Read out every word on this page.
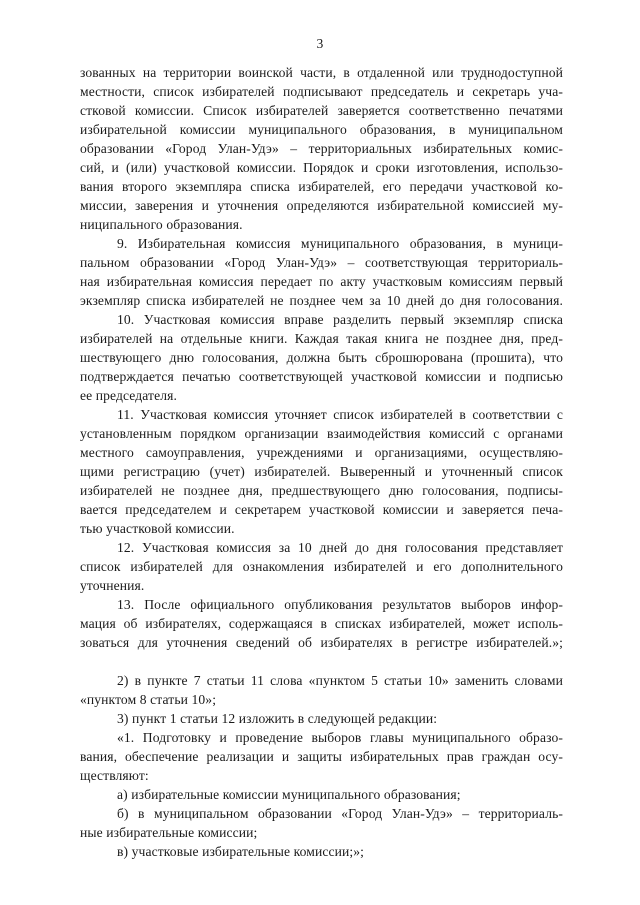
3
зованных на территории воинской части, в отдаленной или труднодоступной
местности, список избирателей подписывают председатель и секретарь уча-
стковой комиссии. Список избирателей заверяется соответственно печатями
избирательной комиссии муниципального образования, в муниципальном
образовании «Город Улан-Удэ» – территориальных избирательных комис-
сий, и (или) участковой комиссии. Порядок и сроки изготовления, использо-
вания второго экземпляра списка избирателей, его передачи участковой ко-
миссии, заверения и уточнения определяются избирательной комиссией му-
ниципального образования.
9. Избирательная комиссия муниципального образования, в муници-
пальном образовании «Город Улан-Удэ» – соответствующая территориаль-
ная избирательная комиссия передает по акту участковым комиссиям первый
экземпляр списка избирателей не позднее чем за 10 дней до дня голосования.
10. Участковая комиссия вправе разделить первый экземпляр списка
избирателей на отдельные книги. Каждая такая книга не позднее дня, пред-
шествующего дню голосования, должна быть сброшюрована (прошита), что
подтверждается печатью соответствующей участковой комиссии и подписью
ее председателя.
11. Участковая комиссия уточняет список избирателей в соответствии с
установленным порядком организации взаимодействия комиссий с органами
местного самоуправления, учреждениями и организациями, осуществляю-
щими регистрацию (учет) избирателей. Выверенный и уточненный список
избирателей не позднее дня, предшествующего дню голосования, подписы-
вается председателем и секретарем участковой комиссии и заверяется печа-
тью участковой комиссии.
12. Участковая комиссия за 10 дней до дня голосования представляет
список избирателей для ознакомления избирателей и его дополнительного
уточнения.
13. После официального опубликования результатов выборов инфор-
мация об избирателях, содержащаяся в списках избирателей, может исполь-
зоваться для уточнения сведений об избирателях в регистре избирателей.»;
2) в пункте 7 статьи 11 слова «пунктом 5 статьи 10» заменить словами
«пунктом 8 статьи 10»;
3) пункт 1 статьи 12 изложить в следующей редакции:
«1. Подготовку и проведение выборов главы муниципального образо-
вания, обеспечение реализации и защиты избирательных прав граждан осу-
ществляют:
а) избирательные комиссии муниципального образования;
б) в муниципальном образовании «Город Улан-Удэ» – территориаль-
ные избирательные комиссии;
в) участковые избирательные комиссии;»;
